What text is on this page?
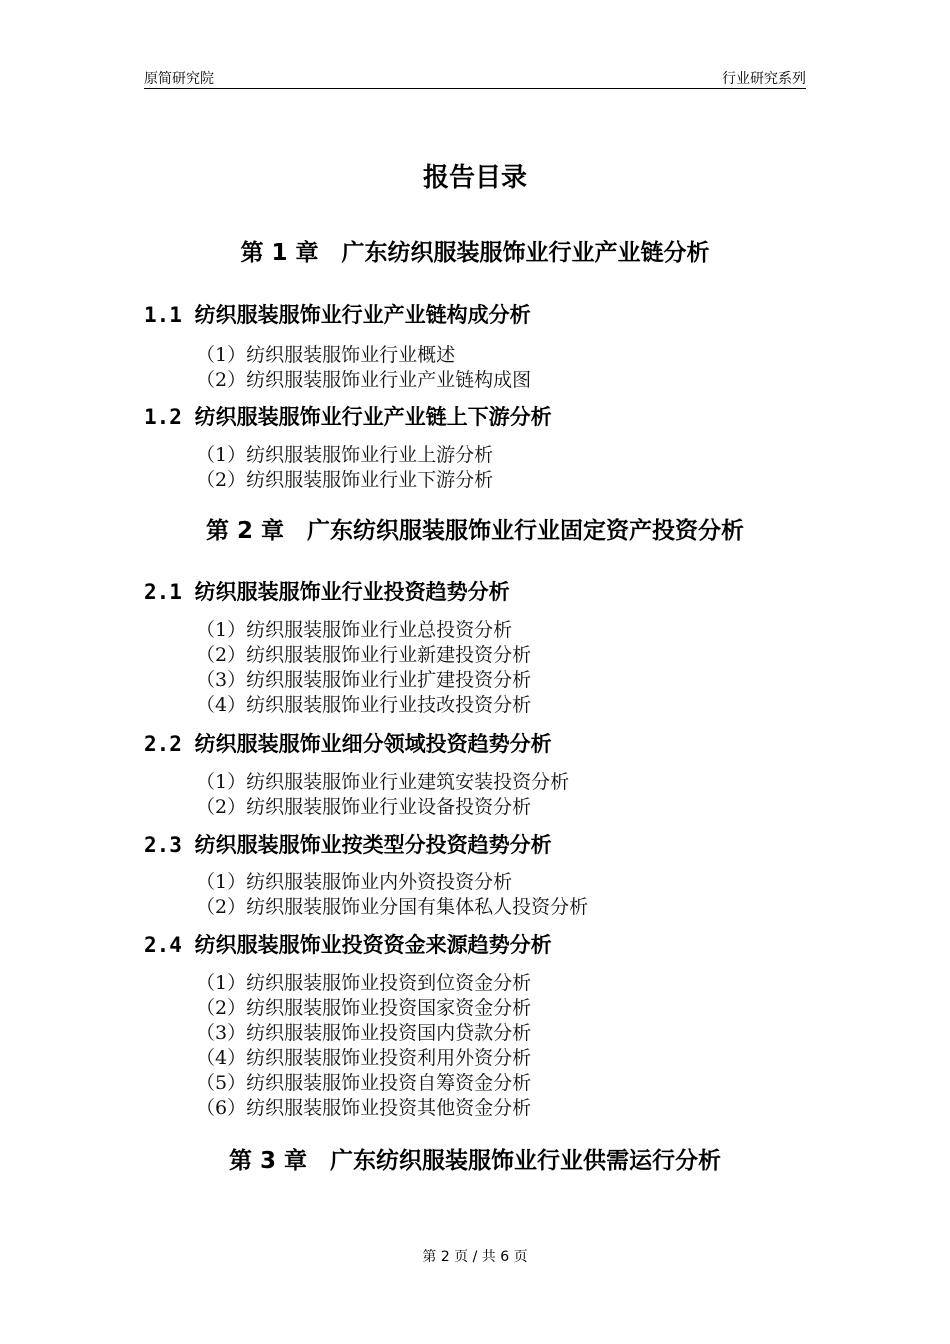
原简研究院	行业研究系列
报告目录
第 1 章　广东纺织服装服饰业行业产业链分析
1.1 纺织服装服饰业行业产业链构成分析
（1）纺织服装服饰业行业概述
（2）纺织服装服饰业行业产业链构成图
1.2 纺织服装服饰业行业产业链上下游分析
（1）纺织服装服饰业行业上游分析
（2）纺织服装服饰业行业下游分析
第 2 章　广东纺织服装服饰业行业固定资产投资分析
2.1 纺织服装服饰业行业投资趋势分析
（1）纺织服装服饰业行业总投资分析
（2）纺织服装服饰业行业新建投资分析
（3）纺织服装服饰业行业扩建投资分析
（4）纺织服装服饰业行业技改投资分析
2.2 纺织服装服饰业细分领域投资趋势分析
（1）纺织服装服饰业行业建筑安装投资分析
（2）纺织服装服饰业行业设备投资分析
2.3 纺织服装服饰业按类型分投资趋势分析
（1）纺织服装服饰业内外资投资分析
（2）纺织服装服饰业分国有集体私人投资分析
2.4 纺织服装服饰业投资资金来源趋势分析
（1）纺织服装服饰业投资到位资金分析
（2）纺织服装服饰业投资国家资金分析
（3）纺织服装服饰业投资国内贷款分析
（4）纺织服装服饰业投资利用外资分析
（5）纺织服装服饰业投资自筹资金分析
（6）纺织服装服饰业投资其他资金分析
第 3 章　广东纺织服装服饰业行业供需运行分析
第 2 页 / 共 6 页
